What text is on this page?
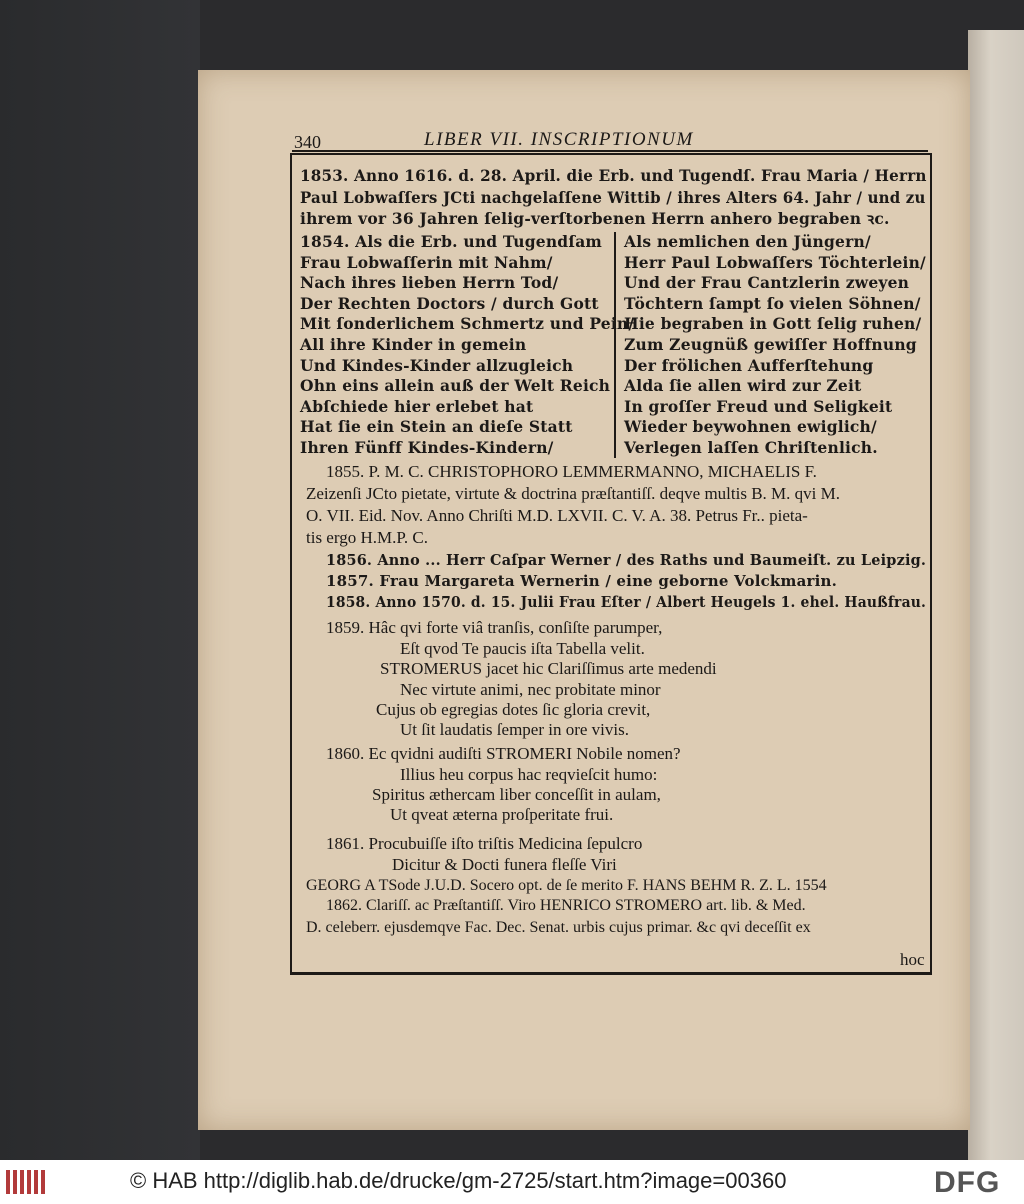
340	LIBER VII. INSCRIPTIONUM
1853. Anno 1616. d. 28. April. die Erb. und Tugendſ. Frau Maria / Herrn
Paul Lobwaſſers JCti nachgelaſſene Wittib / ihres Alters 64. Jahr / und zu
ihrem vor 36 Jahren ſelig-verſtorbenen Herrn anhero begraben ꝛc.
1854. Als die Erb. und Tugendſam
Frau Lobwaſſerin mit Nahm/
Nach ihres lieben Herrn Tod/
Der Rechten Doctors / durch Gott
Mit ſonderlichem Schmertz und Pein/
All ihre Kinder in gemein
Und Kindes-Kinder allzugleich
Ohn eins allein auß der Welt Reich
Abſchiede hier erlebet hat
Hat ſie ein Stein an dieſe Statt
Ihren Fünff Kindes-Kindern/
Als nemlichen den Jüngern/
Herr Paul Lobwaſſers Töchterlein/
Und der Frau Cantzlerin zweyen
Töchtern ſampt ſo vielen Söhnen/
Hie begraben in Gott ſelig ruhen/
Zum Zeugnüß gewiſſer Hoffnung
Der frölichen Aufferſtehung
Alda ſie allen wird zur Zeit
In groſſer Freud und Seligkeit
Wieder beywohnen ewiglich/
Verlegen laſſen Chriſtenlich.
1855. P. M. C. CHRISTOPHORO LEMMERMANNO, MICHAELIS F.
Zeizenſi JCto pietate, virtute & doctrina præſtantiſſ. deqve multis B. M. qvi M.
O. VII. Eid. Nov. Anno Chriſti M.D. LXVII. C. V. A. 38. Petrus Fr.. pieta-
tis ergo H.M.P. C.
1856. Anno ... Herr Caſpar Werner / des Raths und Baumeiſt. zu Leipzig.
1857. Frau Margareta Wernerin / eine geborne Volckmarin.
1858. Anno 1570. d. 15. Julii Frau Eſter / Albert Heugels 1. ehel. Haußfrau.
1859. Hâc qvi forte viâ tranſis, conſiſte parumper,
Eſt qvod Te paucis iſta Tabella velit.
STROMERUS jacet hic Clariſſimus arte medendi
Nec virtute animi, nec probitate minor
Cujus ob egregias dotes ſic gloria crevit,
Ut ſit laudatis ſemper in ore vivis.
1860. Ec qvidni audiſti STROMERI Nobile nomen?
Illius heu corpus hac reqvieſcit humo:
Spiritus æthercam liber conceſſit in aulam,
Ut qveat æterna proſperitate frui.
1861. Procubuiſſe iſto triſtis Medicina ſepulcro
Dicitur & Docti funera fleſſe Viri
GEORG A TSode J.U.D. Socero opt. de ſe merito F. HANS BEHM R. Z. L. 1554
1862. Clariſſ. ac Præſtantiſſ. Viro HENRICO STROMERO art. lib. & Med.
D. celeberr. ejusdemqve Fac. Dec. Senat. urbis cujus primar. &c qvi deceſſit ex
hoc
© HAB http://diglib.hab.de/drucke/gm-2725/start.htm?image=00360	DFG
